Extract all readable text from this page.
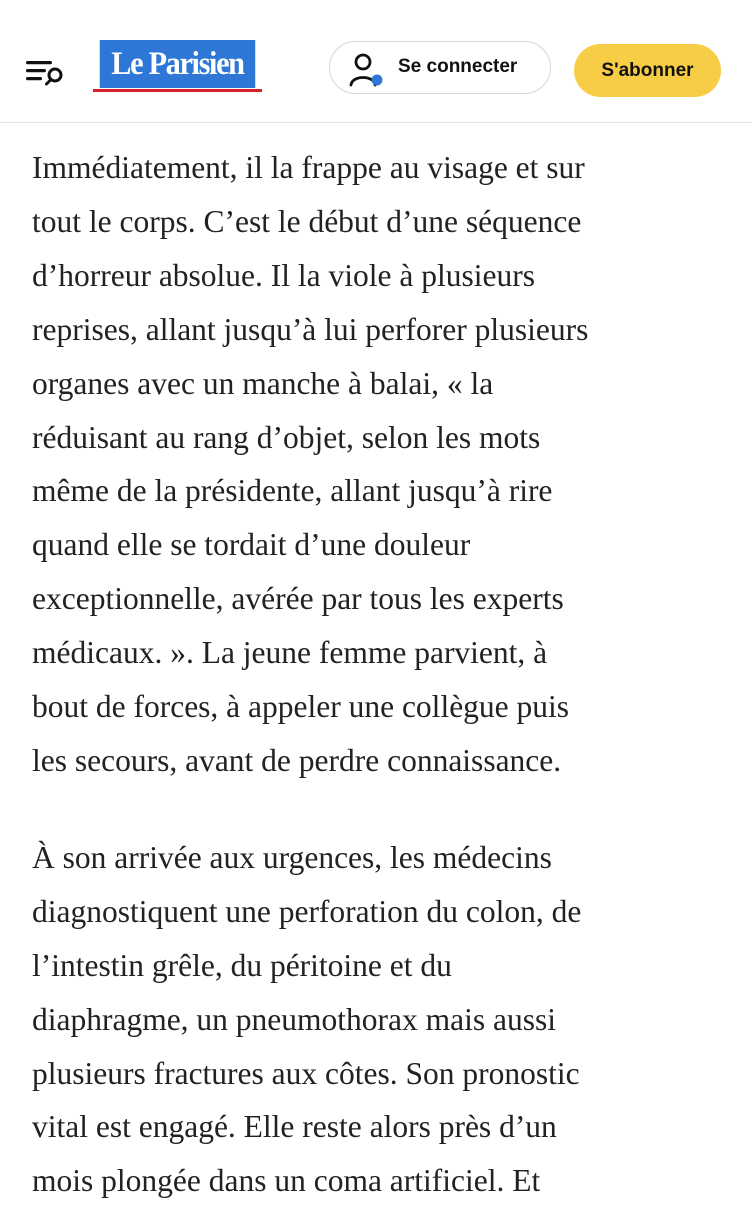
Le Parisien	Se connecter	S'abonner

Immédiatement, il la frappe au visage et sur
tout le corps. C’est le début d’une séquence
d’horreur absolue. Il la viole à plusieurs
reprises, allant jusqu’à lui perforer plusieurs
organes avec un manche à balai, « la
réduisant au rang d’objet, selon les mots
même de la présidente, allant jusqu’à rire
quand elle se tordait d’une douleur
exceptionnelle, avérée par tous les experts
médicaux. ». La jeune femme parvient, à
bout de forces, à appeler une collègue puis
les secours, avant de perdre connaissance.

À son arrivée aux urgences, les médecins
diagnostiquent une perforation du colon, de
l’intestin grêle, du péritoine et du
diaphragme, un pneumothorax mais aussi
plusieurs fractures aux côtes. Son pronostic
vital est engagé. Elle reste alors près d’un
mois plongée dans un coma artificiel. Et
